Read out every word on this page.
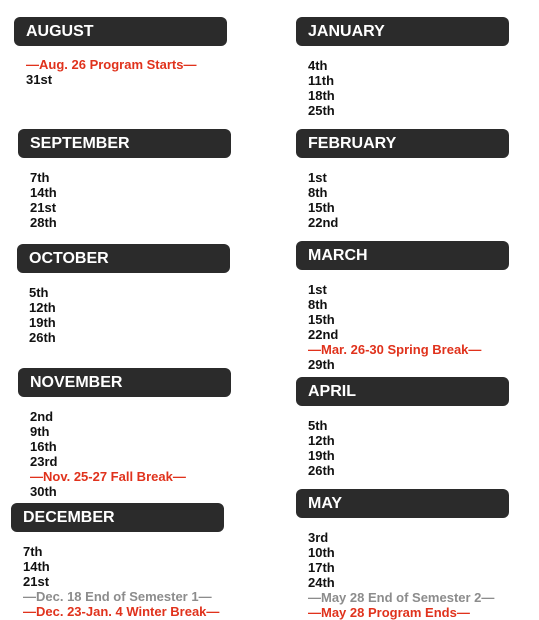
AUGUST
—Aug. 26 Program Starts—
31st
SEPTEMBER
7th
14th
21st
28th
OCTOBER
5th
12th
19th
26th
NOVEMBER
2nd
9th
16th
23rd
—Nov. 25-27 Fall Break—
30th
DECEMBER
7th
14th
21st
—Dec. 18 End of Semester 1—
—Dec. 23-Jan. 4 Winter Break—
JANUARY
4th
11th
18th
25th
FEBRUARY
1st
8th
15th
22nd
MARCH
1st
8th
15th
22nd
—Mar. 26-30 Spring Break—
29th
APRIL
5th
12th
19th
26th
MAY
3rd
10th
17th
24th
—May 28 End of Semester 2—
—May 28 Program Ends—
